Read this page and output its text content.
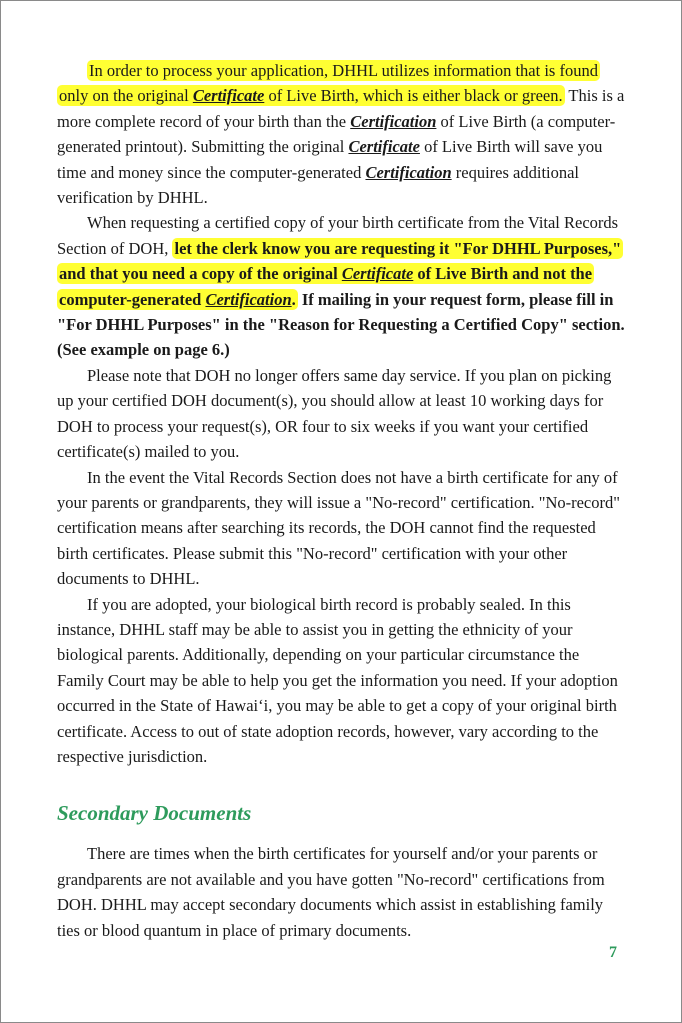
In order to process your application, DHHL utilizes information that is found only on the original Certificate of Live Birth, which is either black or green. This is a more complete record of your birth than the Certification of Live Birth (a computer-generated printout). Submitting the original Certificate of Live Birth will save you time and money since the computer-generated Certification requires additional verification by DHHL.

When requesting a certified copy of your birth certificate from the Vital Records Section of DOH, let the clerk know you are requesting it "For DHHL Purposes," and that you need a copy of the original Certificate of Live Birth and not the computer-generated Certification. If mailing in your request form, please fill in "For DHHL Purposes" in the "Reason for Requesting a Certified Copy" section. (See example on page 6.)

Please note that DOH no longer offers same day service. If you plan on picking up your certified DOH document(s), you should allow at least 10 working days for DOH to process your request(s), OR four to six weeks if you want your certified certificate(s) mailed to you.

In the event the Vital Records Section does not have a birth certificate for any of your parents or grandparents, they will issue a "No-record" certification. "No-record" certification means after searching its records, the DOH cannot find the requested birth certificates. Please submit this "No-record" certification with your other documents to DHHL.

If you are adopted, your biological birth record is probably sealed. In this instance, DHHL staff may be able to assist you in getting the ethnicity of your biological parents. Additionally, depending on your particular circumstance the Family Court may be able to help you get the information you need. If your adoption occurred in the State of Hawai‘i, you may be able to get a copy of your original birth certificate. Access to out of state adoption records, however, vary according to the respective jurisdiction.

Secondary Documents

There are times when the birth certificates for yourself and/or your parents or grandparents are not available and you have gotten "No-record" certifications from DOH. DHHL may accept secondary documents which assist in establishing family ties or blood quantum in place of primary documents.

7
